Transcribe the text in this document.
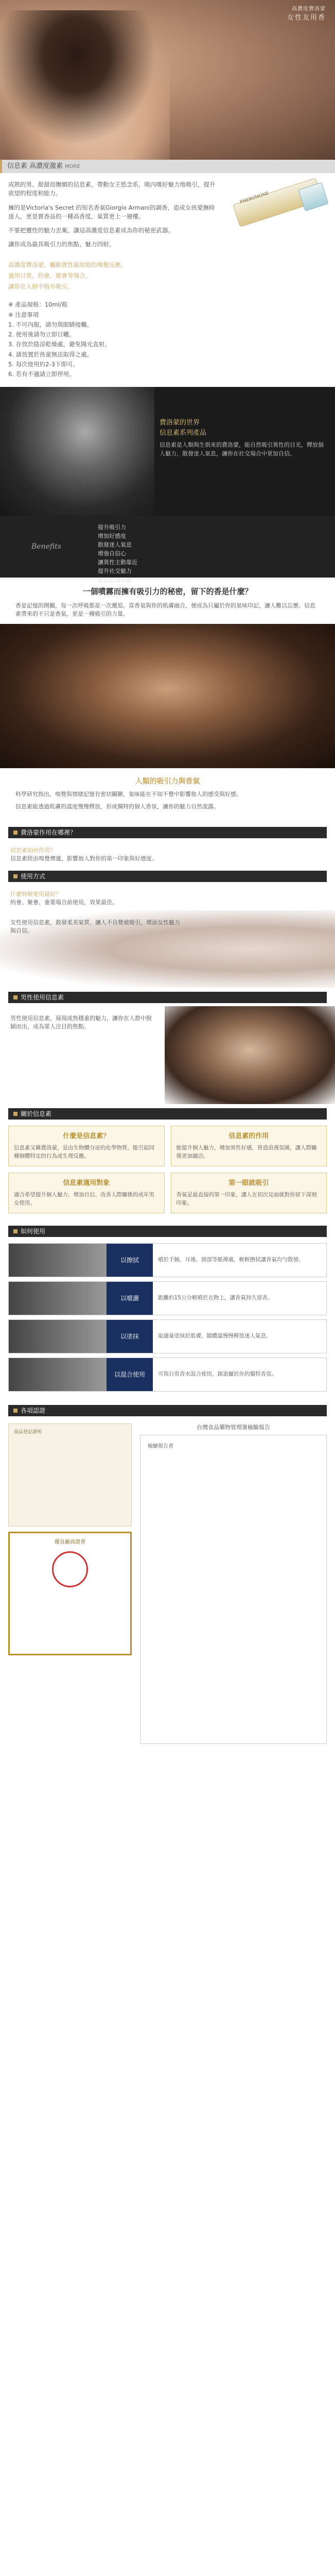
高濃度費洛蒙
女性友用香
信息素 高濃度激素 MORE

成熟的男、甜甜而嫵媚的信息素，帶動女王慾念系，吸內嗜好魅力地吸引，提升欲望的程度和能力。

擁的是Victoria's Secret 的知名香氣Giorgio Armani的調香，造成女孩愛撫時迷人，更是賞香品的一種高香度，氣質更上一層樓。

不要把靈性的魅力丟棄，讓這高濃度信息素成為你的秘密武器。

讓你成為最具吸引力的焦點，魅力四射。

PHEROMONE

高濃度費洛蒙，觸動異性最原始的嗅覺反應。

適用日常，約會，聚會等場合。

讓你在人群中格外吸引。

※ 產品規格：10ml/瓶
※ 注意事項
1. 不可內服，請勿與眼睛接觸。
2. 使用後請勿立即日曬。
3. 存放於陰涼乾燥處，避免陽光直射。
4. 請放置於孩童無法取得之處。
5. 每次使用約2-3下即可。
6. 若有不適請立即停用。
費洛蒙的世界
信息素系列產品
信息素是人類與生俱來的費洛蒙，能自然吸引異性的目光，釋放個人魅力，散發迷人氣息，讓你在社交場合中更加自信。
Benefits
提升吸引力
增加好感度
散發迷人氣息
增強自信心
讓異性主動靠近
提升社交魅力
營造浪漫氛圍
一個噴霧而擁有吸引力的秘密，留下的香是什麼？

香是記憶的開關，每一次呼吸都是一次邂逅。當香氣與你的肌膚融合，便成為只屬於你的氣味印記，讓人難以忘懷。信息素帶來的不只是香氣，更是一種吸引的力量。

人類的吸引力與香氣

科學研究指出，嗅覺與情緒記憶有密切關聯，氣味能在不知不覺中影響他人的感受與好感。

信息素能透過肌膚的溫度慢慢釋放，形成獨特的個人香氛，讓你的魅力自然流露。

費洛蒙作用在哪裡？
信息素如何作用？
信息素經由嗅覺傳遞，影響他人對你的第一印象與好感度。
使用方式
什麼時候使用最好？
約會、聚會、重要場合前使用，效果最佳。
女性使用信息素，散發柔美氣質，讓人不自覺被吸引，增添女性魅力與自信。
男性使用信息素
男性使用信息素，展現成熟穩重的魅力，讓你在人群中脫穎而出，成為眾人注目的焦點。
關於信息素
什麼是信息素？

信息素又稱費洛蒙，是由生物體分泌的化學物質，能引起同種個體特定的行為或生理反應。

信息素的作用

能提升個人魅力，增加異性好感，營造浪漫氛圍，讓人際關係更加融洽。

信息素適用對象

適合希望提升個人魅力、增加自信、改善人際關係的成年男女使用。

第一眼就吸引

香氣是最直接的第一印象，讓人在初次見面就對你留下深刻印象。

如何使用
以擦拭	噴於手腕、耳後、頸部等脈搏處，輕輕擦拭讓香氣均勻散發。
以噴灑	距離約15公分輕噴於衣物上，讓香氣持久留香。
以塗抹	取適量塗抹於肌膚，隨體溫慢慢釋放迷人氣息。
以混合使用	可與日常香水混合使用，創造屬於你的獨特香氛。
各項認證
商品登記證明
優良廠商證書
台灣食品藥物管理署檢驗報告
檢驗報告書
